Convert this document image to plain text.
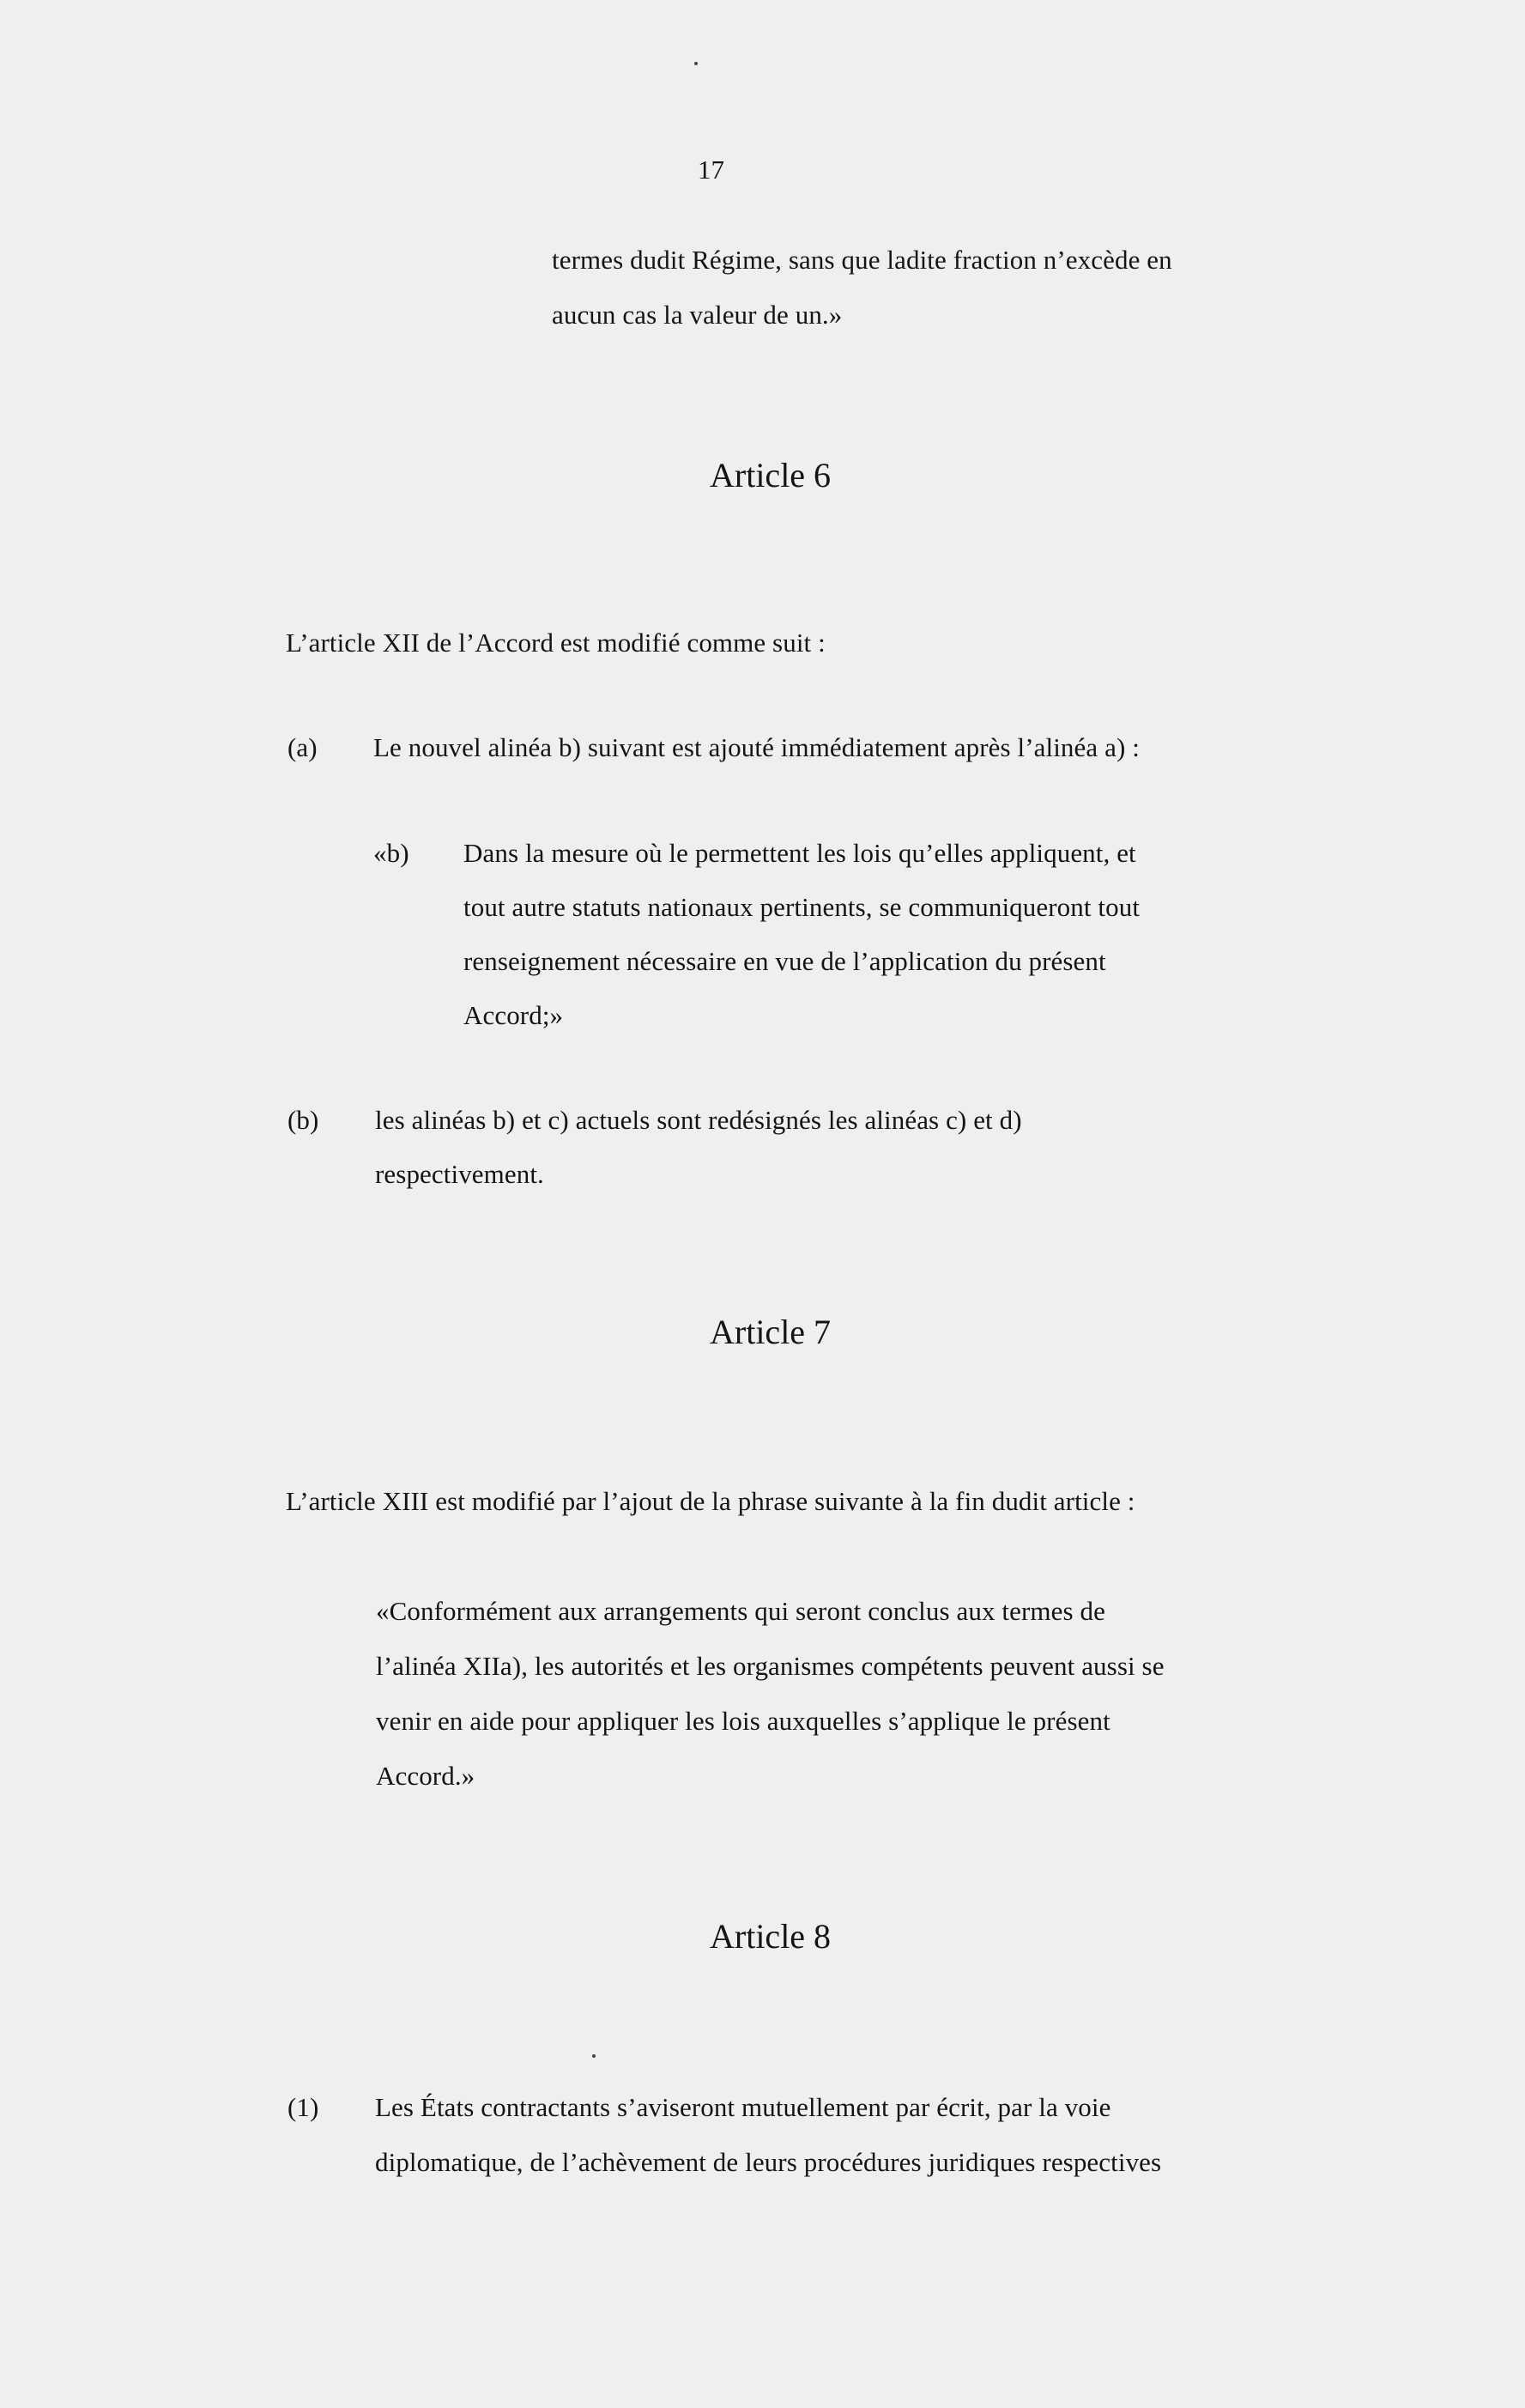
17
termes dudit Régime, sans que ladite fraction n’excède en
aucun cas la valeur de un.»
Article 6
L’article XII de l’Accord est modifié comme suit :
(a) Le nouvel alinéa b) suivant est ajouté immédiatement après l’alinéa a) :
«b) Dans la mesure où le permettent les lois qu’elles appliquent, et
tout autre statuts nationaux pertinents, se communiqueront tout
renseignement nécessaire en vue de l’application du présent
Accord;»
(b) les alinéas b) et c) actuels sont redésignés les alinéas c) et d)
respectivement.
Article 7
L’article XIII est modifié par l’ajout de la phrase suivante à la fin dudit article :
«Conformément aux arrangements qui seront conclus aux termes de
l’alinéa XIIa), les autorités et les organismes compétents peuvent aussi se
venir en aide pour appliquer les lois auxquelles s’applique le présent
Accord.»
Article 8
(1) Les États contractants s’aviseront mutuellement par écrit, par la voie
diplomatique, de l’achèvement de leurs procédures juridiques respectives
